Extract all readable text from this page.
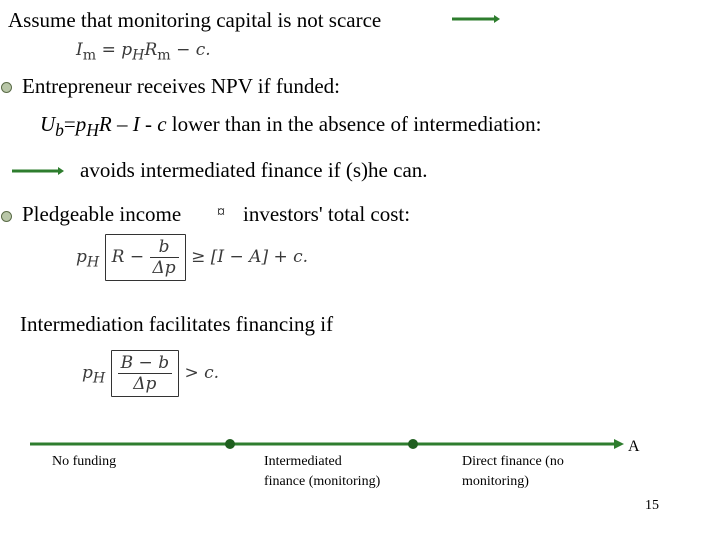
Assume that monitoring capital is not scarce
$I_m = p_HR_m - c$.
Entrepreneur receives NPV if funded:
$U_b=p_HR - I - c$ lower than in the absence of intermediation:
avoids intermediated finance if (s)he can.
Pledgeable income ¤ investors' total cost:
$p_H$ $R - \frac{b}{\Delta p} \ge [I - A] + c$.
Intermediation facilitates financing if
$p_H \frac{B - b}{\Delta p} > c$.
A
No funding	Intermediated finance (monitoring)
Direct finance (no monitoring)
15
